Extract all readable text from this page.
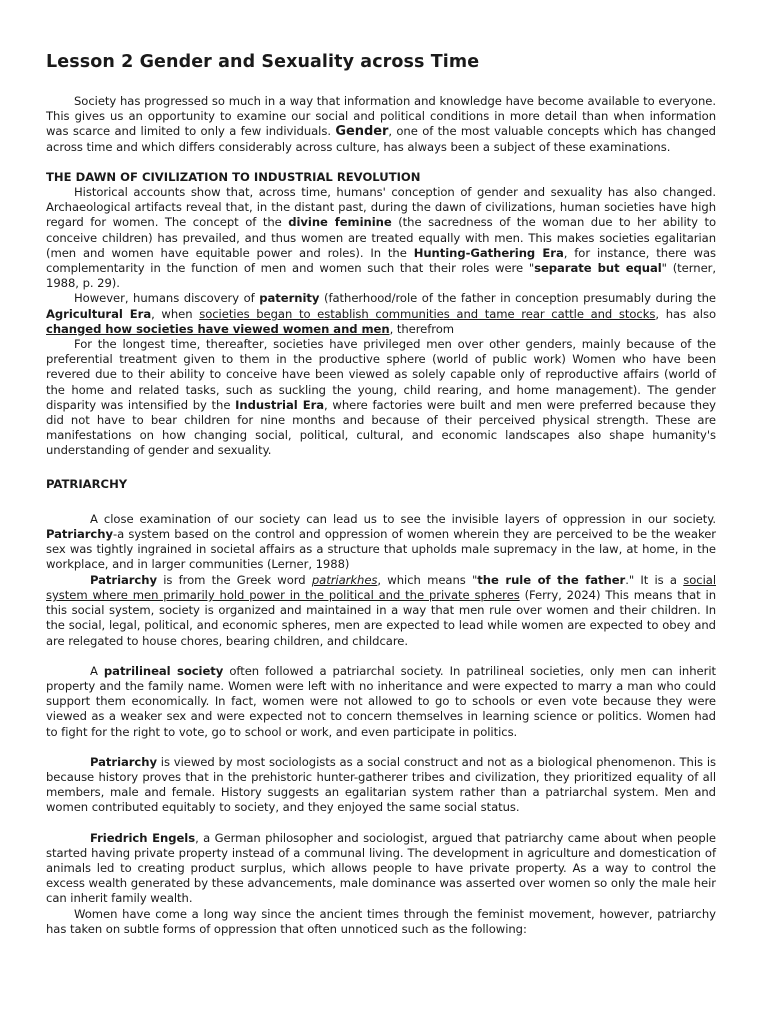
Lesson 2 Gender and Sexuality across Time

Society has progressed so much in a way that information and knowledge have become available to everyone. This gives us an opportunity to examine our social and political conditions in more detail than when information was scarce and limited to only a few individuals. Gender, one of the most valuable concepts which has changed across time and which differs considerably across culture, has always been a subject of these examinations.

THE DAWN OF CIVILIZATION TO INDUSTRIAL REVOLUTION

Historical accounts show that, across time, humans' conception of gender and sexuality has also changed. Archaeological artifacts reveal that, in the distant past, during the dawn of civilizations, human societies have high regard for women. The concept of the divine feminine (the sacredness of the woman due to her ability to conceive children) has prevailed, and thus women are treated equally with men. This makes societies egalitarian (men and women have equitable power and roles). In the Hunting-Gathering Era, for instance, there was complementarity in the function of men and women such that their roles were "separate but equal" (terner, 1988, p. 29).

However, humans discovery of paternity (fatherhood/role of the father in conception presumably during the Agricultural Era, when societies began to establish communities and tame rear cattle and stocks, has also changed how societies have viewed women and men, therefrom

For the longest time, thereafter, societies have privileged men over other genders, mainly because of the preferential treatment given to them in the productive sphere (world of public work) Women who have been revered due to their ability to conceive have been viewed as solely capable only of reproductive affairs (world of the home and related tasks, such as suckling the young, child rearing, and home management). The gender disparity was intensified by the Industrial Era, where factories were built and men were preferred because they did not have to bear children for nine months and because of their perceived physical strength. These are manifestations on how changing social, political, cultural, and economic landscapes also shape humanity's understanding of gender and sexuality.

PATRIARCHY

A close examination of our society can lead us to see the invisible layers of oppression in our society. Patriarchy-a system based on the control and oppression of women wherein they are perceived to be the weaker sex was tightly ingrained in societal affairs as a structure that upholds male supremacy in the law, at home, in the workplace, and in larger communities (Lerner, 1988)

Patriarchy is from the Greek word patriarkhes, which means "the rule of the father." It is a social system where men primarily hold power in the political and the private spheres (Ferry, 2024) This means that in this social system, society is organized and maintained in a way that men rule over women and their children. In the social, legal, political, and economic spheres, men are expected to lead while women are expected to obey and are relegated to house chores, bearing children, and childcare.

A patrilineal society often followed a patriarchal society. In patrilineal societies, only men can inherit property and the family name. Women were left with no inheritance and were expected to marry a man who could support them economically. In fact, women were not allowed to go to schools or even vote because they were viewed as a weaker sex and were expected not to concern themselves in learning science or politics. Women had to fight for the right to vote, go to school or work, and even participate in politics.

Patriarchy is viewed by most sociologists as a social construct and not as a biological phenomenon. This is because history proves that in the prehistoric hunter-gatherer tribes and civilization, they prioritized equality of all members, male and female. History suggests an egalitarian system rather than a patriarchal system. Men and women contributed equitably to society, and they enjoyed the same social status.

Friedrich Engels, a German philosopher and sociologist, argued that patriarchy came about when people started having private property instead of a communal living. The development in agriculture and domestication of animals led to creating product surplus, which allows people to have private property. As a way to control the excess wealth generated by these advancements, male dominance was asserted over women so only the male heir can inherit family wealth.

Women have come a long way since the ancient times through the feminist movement, however, patriarchy has taken on subtle forms of oppression that often unnoticed such as the following:
